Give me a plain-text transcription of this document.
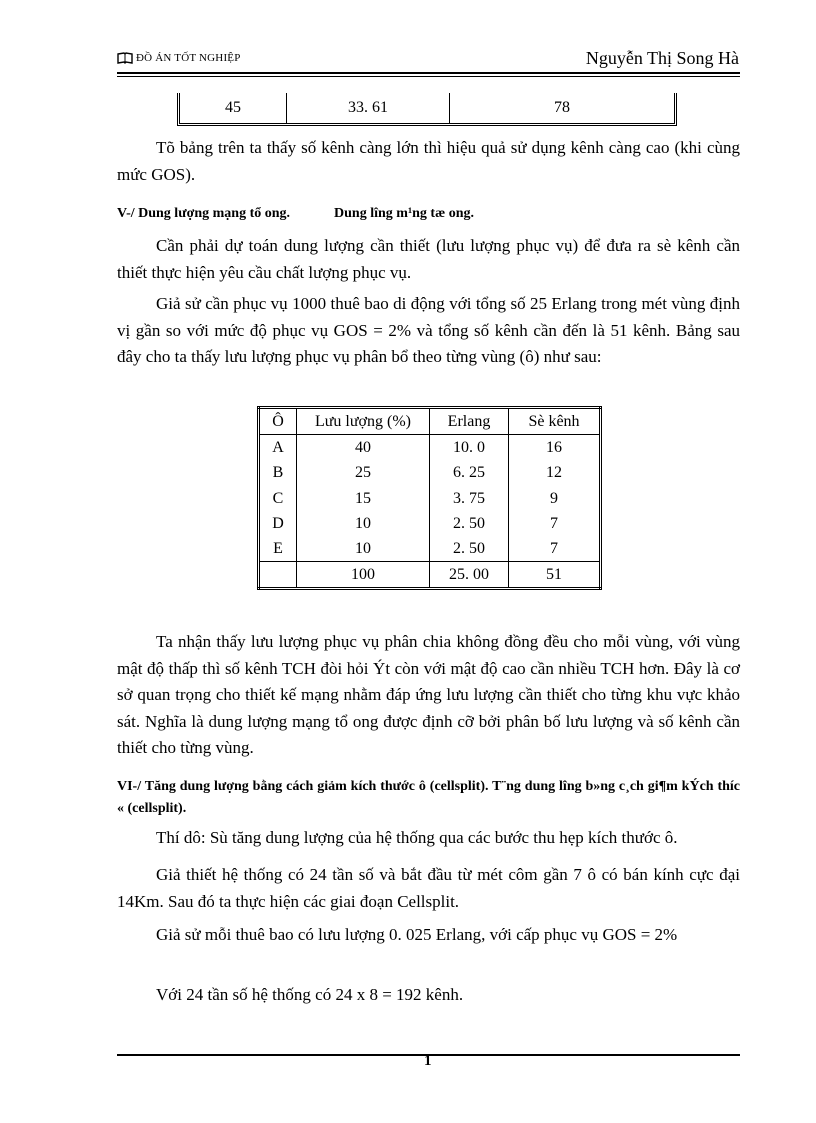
ĐỒ ÁN TỐT NGHIỆP	Nguyễn Thị Song Hà
45	33. 61	78
Tõ bảng trên ta thấy số kênh càng lớn thì hiệu quả sử dụng kênh càng cao (khi cùng mức GOS).
V-/ Dung lượng mạng tổ ong.	Dung lîng m¹ng tæ ong.
Cần phải dự toán dung lượng cần thiết (lưu lượng phục vụ) để đưa ra sè kênh cần thiết thực hiện yêu cầu chất lượng phục vụ.
Giả sử cần phục vụ 1000 thuê bao di động với tổng số 25 Erlang trong mét vùng định vị gần so với mức độ phục vụ GOS = 2% và tổng số kênh cần đến là 51 kênh. Bảng sau đây cho ta thấy lưu lượng phục vụ phân bổ theo từng vùng (ô) như sau:
Ô	Lưu lượng (%)	Erlang	Sè kênh
A	40	10. 0	16
B	25	6. 25	12
C	15	3. 75	9
D	10	2. 50	7
E	10	2. 50	7
	100	25. 00	51
Ta nhận thấy lưu lượng phục vụ phân chia không đồng đều cho mỗi vùng, với vùng mật độ thấp thì số kênh TCH đòi hỏi Ýt còn với mật độ cao cần nhiều TCH hơn. Đây là cơ sở quan trọng cho thiết kế mạng nhằm đáp ứng lưu lượng cần thiết cho từng khu vực khảo sát. Nghĩa là dung lượng mạng tổ ong được định cỡ bởi phân bố lưu lượng và số kênh cần thiết cho từng vùng.
VI-/ Tăng dung lượng bằng cách giảm kích thước ô (cellsplit). T¨ng dung lîng b»ng c¸ch gi¶m kÝch thíc « (cellsplit).
Thí dô: Sù tăng dung lượng của hệ thống qua các bước thu hẹp kích thước ô.
Giả thiết hệ thống có 24 tần số và bắt đầu từ mét côm gần 7 ô có bán kính cực đại 14Km. Sau đó ta thực hiện các giai đoạn Cellsplit.
Giả sử mỗi thuê bao có lưu lượng 0. 025 Erlang, với cấp phục vụ GOS = 2%
Với 24 tần số hệ thống có 24 x 8 = 192 kênh.
1
